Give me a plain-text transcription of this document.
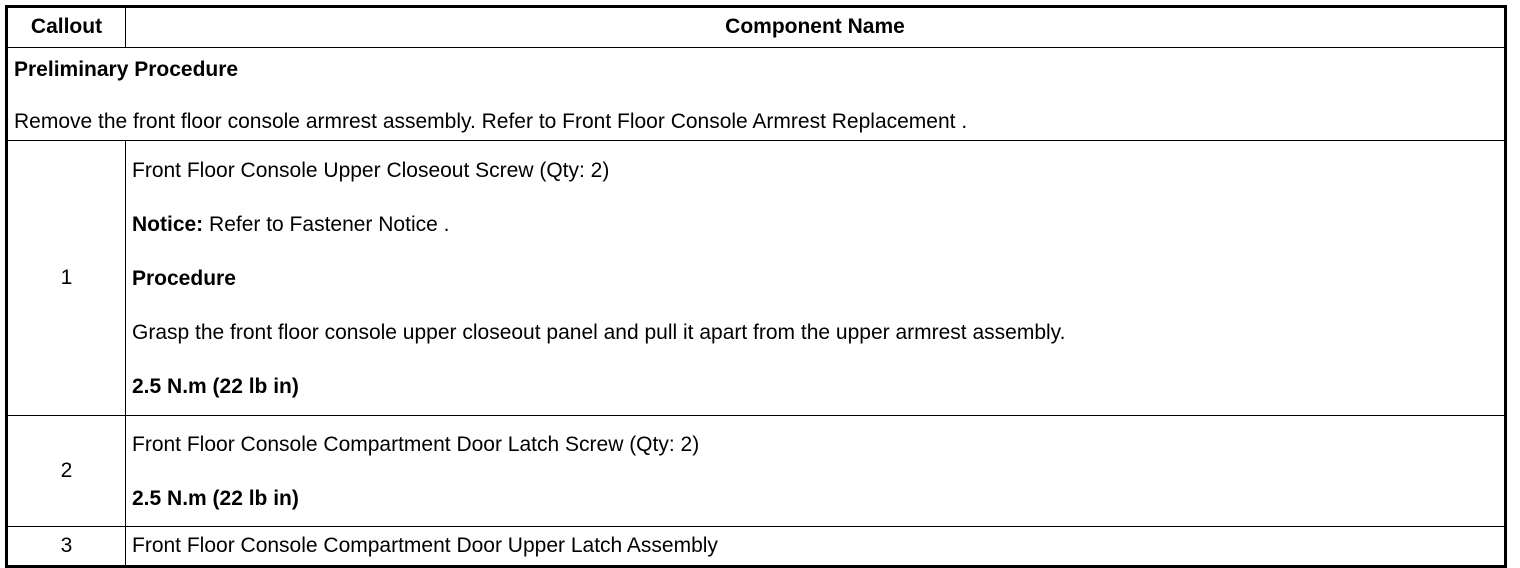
Callout	Component Name

Preliminary Procedure
Remove the front floor console armrest assembly. Refer to Front Floor Console Armrest Replacement .	

1	Front Floor Console Upper Closeout Screw (Qty: 2)

Notice: Refer to Fastener Notice .

Procedure

Grasp the front floor console upper closeout panel and pull it apart from the upper armrest assembly.

2.5 N.m (22 lb in)

2	Front Floor Console Compartment Door Latch Screw (Qty: 2)

2.5 N.m (22 lb in)

3	Front Floor Console Compartment Door Upper Latch Assembly
